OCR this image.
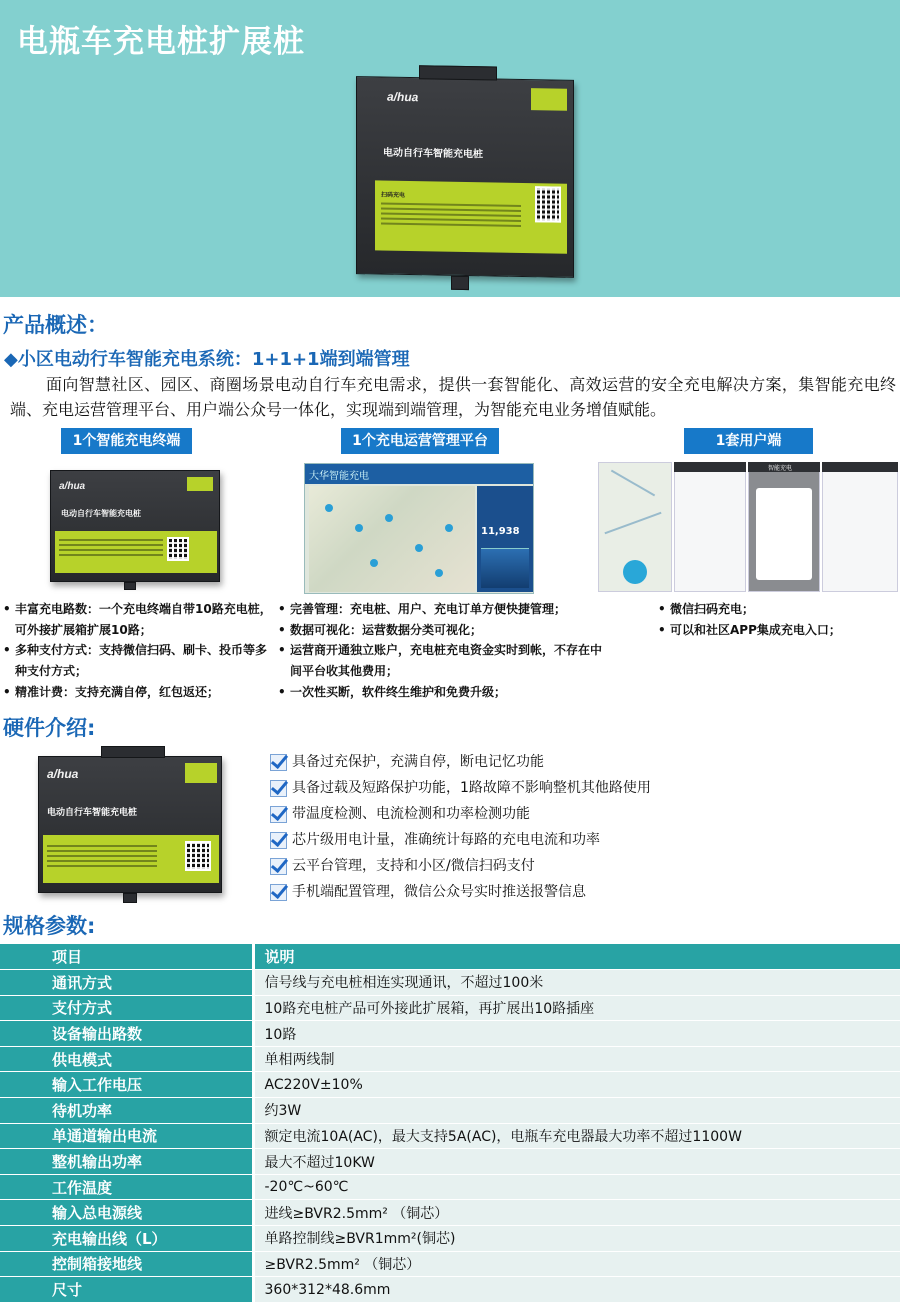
电瓶车充电桩扩展桩
a/hua
电动自行车智能充电桩
扫码充电
产品概述：
◆小区电动行车智能充电系统：1+1+1端到端管理

面向智慧社区、园区、商圈场景电动自行车充电需求，提供一套智能化、高效运营的安全充电解决方案，集智能充电终端、充电运营管理平台、用户端公众号一体化，实现端到端管理，为智能充电业务增值赋能。

1个智能充电终端	1个充电运营管理平台	1套用户端
a/hua
电动自行车智能充电桩
大华智能充电
11,938
智能充电
• 丰富充电路数：一个充电终端自带10路充电桩，可外接扩展箱扩展10路；
• 多种支付方式：支持微信扫码、刷卡、投币等多种支付方式；
• 精准计费：支持充满自停，红包返还；
• 完善管理：充电桩、用户、充电订单方便快捷管理；
• 数据可视化：运营数据分类可视化；
• 运营商开通独立账户，充电桩充电资金实时到帐，不存在中间平台收其他费用；
• 一次性买断，软件终生维护和免费升级；
• 微信扫码充电；
• 可以和社区APP集成充电入口；
硬件介绍:
a/hua
电动自行车智能充电桩
具备过充保护，充满自停，断电记忆功能
具备过载及短路保护功能，1路故障不影响整机其他路使用
带温度检测、电流检测和功率检测功能
芯片级用电计量，准确统计每路的充电电流和功率
云平台管理，支持和小区/微信扫码支付
手机端配置管理，微信公众号实时推送报警信息
规格参数:
项目	说明
通讯方式	信号线与充电桩相连实现通讯，不超过100米
支付方式	10路充电桩产品可外接此扩展箱，再扩展出10路插座
设备输出路数	10路
供电模式	单相两线制
输入工作电压	AC220V±10%
待机功率	约3W
单通道输出电流	额定电流10A(AC)，最大支持5A(AC)，电瓶车充电器最大功率不超过1100W
整机输出功率	最大不超过10KW
工作温度	-20℃~60℃
输入总电源线	进线≥BVR2.5mm² （铜芯）
充电输出线（L）	单路控制线≥BVR1mm²(铜芯)
控制箱接地线	≥BVR2.5mm² （铜芯）
尺寸	360*312*48.6mm
